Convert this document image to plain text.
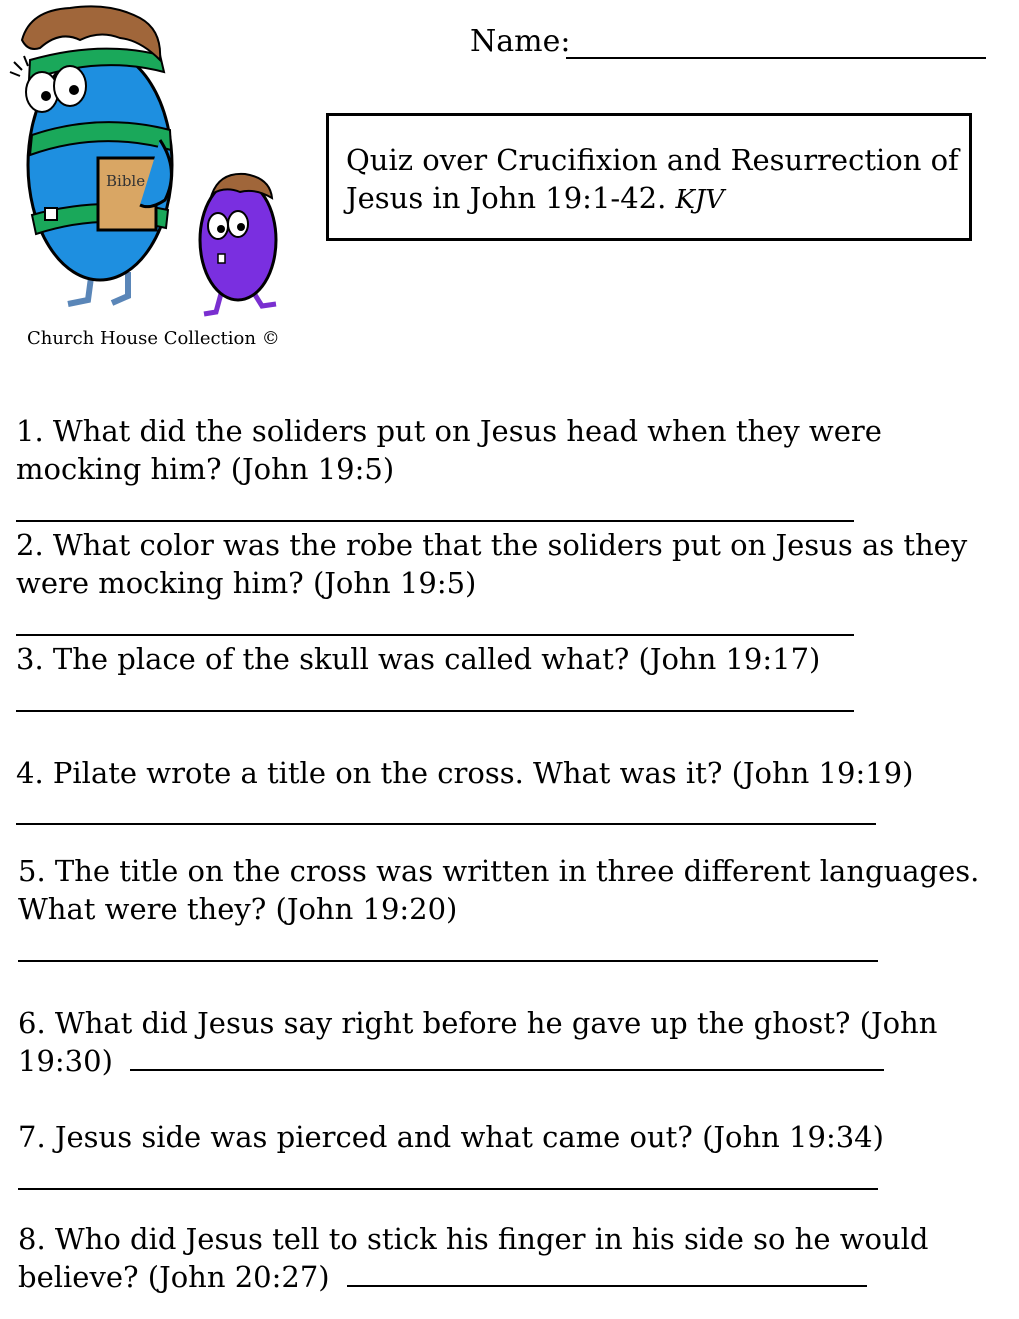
Name:
Quiz over Crucifixion and Resurrection of Jesus in John 19:1-42. KJV
Bible
Church House Collection ©
1. What did the soliders put on Jesus head when they were
mocking him? (John 19:5)
2. What color was the robe that the soliders put on Jesus as they
were mocking him? (John 19:5)
3. The place of the skull was called what? (John 19:17)
4. Pilate wrote a title on the cross. What was it? (John 19:19)
5. The title on the cross was written in three different languages.
What were they? (John 19:20)
6. What did Jesus say right before he gave up the ghost? (John
19:30)
7. Jesus side was pierced and what came out? (John 19:34)
8. Who did Jesus tell to stick his finger in his side so he would
believe? (John 20:27)
